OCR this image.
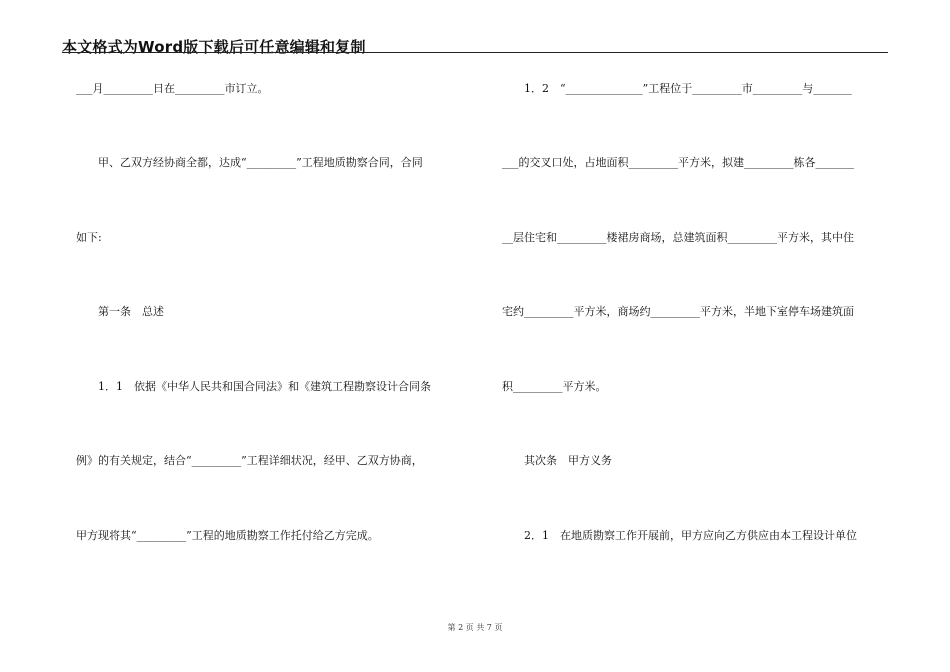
本文格式为Word版下载后可任意编辑和复制
___月_________日在_________市订立。
　　甲、乙双方经协商全都，达成“_________”工程地质勘察合同，合同
如下:
　　第一条　总述
　　1．1　依据《中华人民共和国合同法》和《建筑工程勘察设计合同条
例》的有关规定，结合“_________”工程详细状况，经甲、乙双方协商，
甲方现将其“_________”工程的地质勘察工作托付给乙方完成。
　　1．2　“______________”工程位于_________市_________与_______
___的交叉口处，占地面积_________平方米，拟建_________栋各_______
__层住宅和_________楼裙房商场，总建筑面积_________平方米，其中住
宅约_________平方米，商场约_________平方米，半地下室停车场建筑面
积_________平方米。
　　其次条　甲方义务
　　2．1　在地质勘察工作开展前，甲方应向乙方供应由本工程设计单位
第 2 页 共 7 页
